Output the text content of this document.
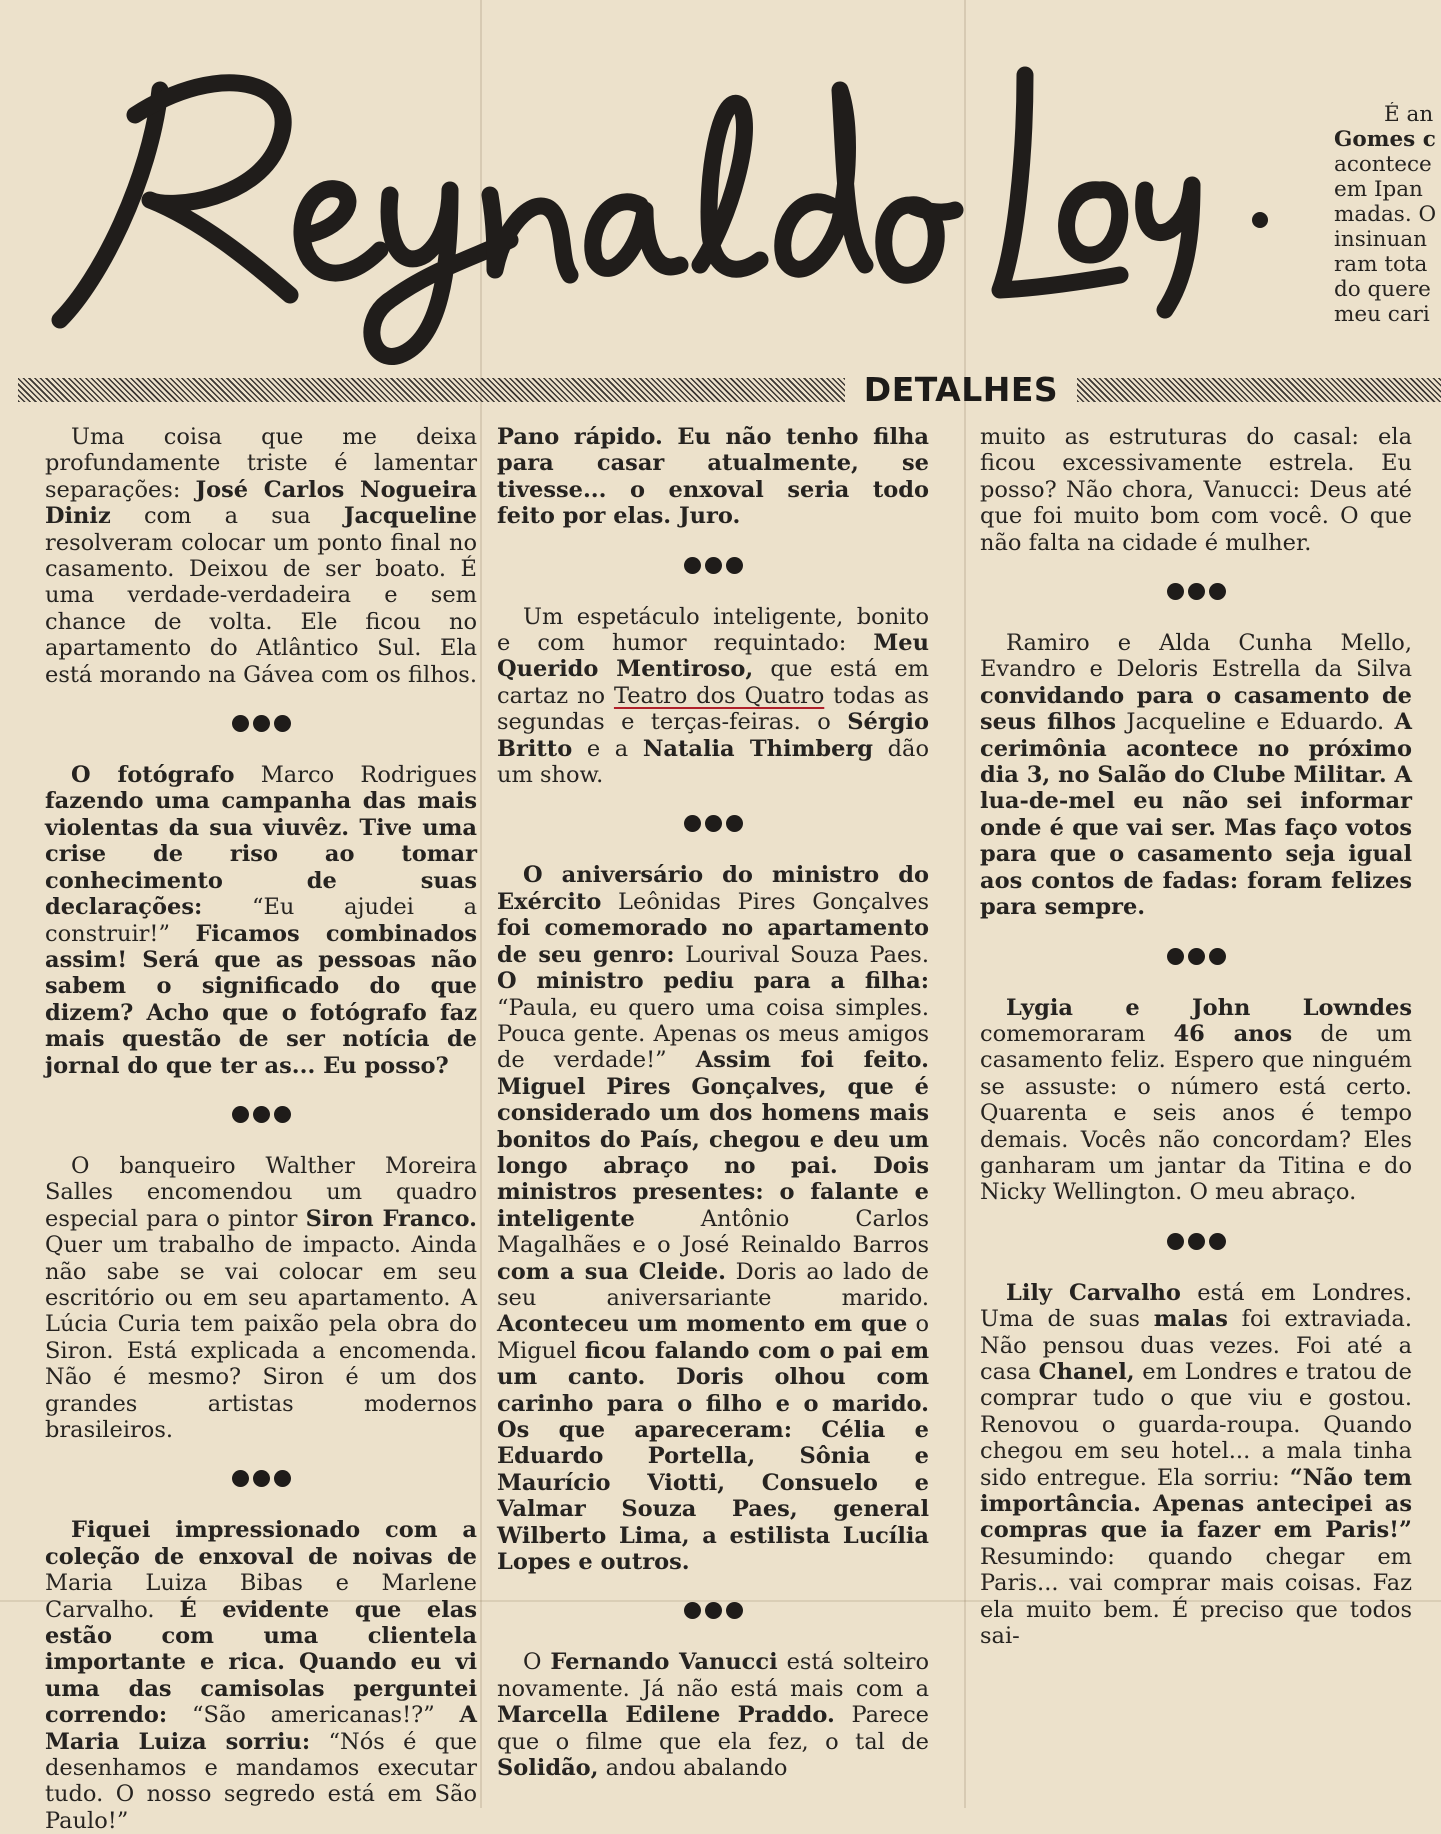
É an
Gomes c
acontece
em Ipan
madas. O
insinuan
ram tota
do quere
meu cari
DETALHES

Uma coisa que me deixa profundamente triste é lamentar separações: José Carlos Nogueira Diniz com a sua Jacqueline resolveram colocar um ponto final no casamento. Deixou de ser boato. É uma verdade-verdadeira e sem chance de volta. Ele ficou no apartamento do Atlântico Sul. Ela está morando na Gávea com os filhos.

O fotógrafo Marco Rodrigues fazendo uma campanha das mais violentas da sua viuvêz. Tive uma crise de riso ao tomar conhecimento de suas declarações: “Eu ajudei a construir!” Ficamos combinados assim! Será que as pessoas não sabem o significado do que dizem? Acho que o fotógrafo faz mais questão de ser notícia de jornal do que ter as... Eu posso?

O banqueiro Walther Moreira Salles encomendou um quadro especial para o pintor Siron Franco. Quer um trabalho de impacto. Ainda não sabe se vai colocar em seu escritório ou em seu apartamento. A Lúcia Curia tem paixão pela obra do Siron. Está explicada a encomenda. Não é mesmo? Siron é um dos grandes artistas modernos brasileiros.

Fiquei impressionado com a coleção de enxoval de noivas de Maria Luiza Bibas e Marlene Carvalho. É evidente que elas estão com uma clientela importante e rica. Quando eu vi uma das camisolas perguntei correndo: “São americanas!?” A Maria Luiza sorriu: “Nós é que desenhamos e mandamos executar tudo. O nosso segredo está em São Paulo!”

Pano rápido. Eu não tenho filha para casar atualmente, se tivesse... o enxoval seria todo feito por elas. Juro.

Um espetáculo inteligente, bonito e com humor requintado: Meu Querido Mentiroso, que está em cartaz no Teatro dos Quatro todas as segundas e terças-feiras. o Sérgio Britto e a Natalia Thimberg dão um show.

O aniversário do ministro do Exército Leônidas Pires Gonçalves foi comemorado no apartamento de seu genro: Lourival Souza Paes. O ministro pediu para a filha: “Paula, eu quero uma coisa simples. Pouca gente. Apenas os meus amigos de verdade!” Assim foi feito. Miguel Pires Gonçalves, que é considerado um dos homens mais bonitos do País, chegou e deu um longo abraço no pai. Dois ministros presentes: o falante e inteligente Antônio Carlos Magalhães e o José Reinaldo Barros com a sua Cleide. Doris ao lado de seu aniversariante marido. Aconteceu um momento em que o Miguel ficou falando com o pai em um canto. Doris olhou com carinho para o filho e o marido. Os que apareceram: Célia e Eduardo Portella, Sônia e Maurício Viotti, Consuelo e Valmar Souza Paes, general Wilberto Lima, a estilista Lucília Lopes e outros.

O Fernando Vanucci está solteiro novamente. Já não está mais com a Marcella Edilene Praddo. Parece que o filme que ela fez, o tal de Solidão, andou abalando

muito as estruturas do casal: ela ficou excessivamente estrela. Eu posso? Não chora, Vanucci: Deus até que foi muito bom com você. O que não falta na cidade é mulher.

Ramiro e Alda Cunha Mello, Evandro e Deloris Estrella da Silva convidando para o casamento de seus filhos Jacqueline e Eduardo. A cerimônia acontece no próximo dia 3, no Salão do Clube Militar. A lua-de-mel eu não sei informar onde é que vai ser. Mas faço votos para que o casamento seja igual aos contos de fadas: foram felizes para sempre.

Lygia e John Lowndes comemoraram 46 anos de um casamento feliz. Espero que ninguém se assuste: o número está certo. Quarenta e seis anos é tempo demais. Vocês não concordam? Eles ganharam um jantar da Titina e do Nicky Wellington. O meu abraço.

Lily Carvalho está em Londres. Uma de suas malas foi extraviada. Não pensou duas vezes. Foi até a casa Chanel, em Londres e tratou de comprar tudo o que viu e gostou. Renovou o guarda-roupa. Quando chegou em seu hotel... a mala tinha sido entregue. Ela sorriu: “Não tem importância. Apenas antecipei as compras que ia fazer em Paris!” Resumindo: quando chegar em Paris... vai comprar mais coisas. Faz ela muito bem. É preciso que todos sai-
